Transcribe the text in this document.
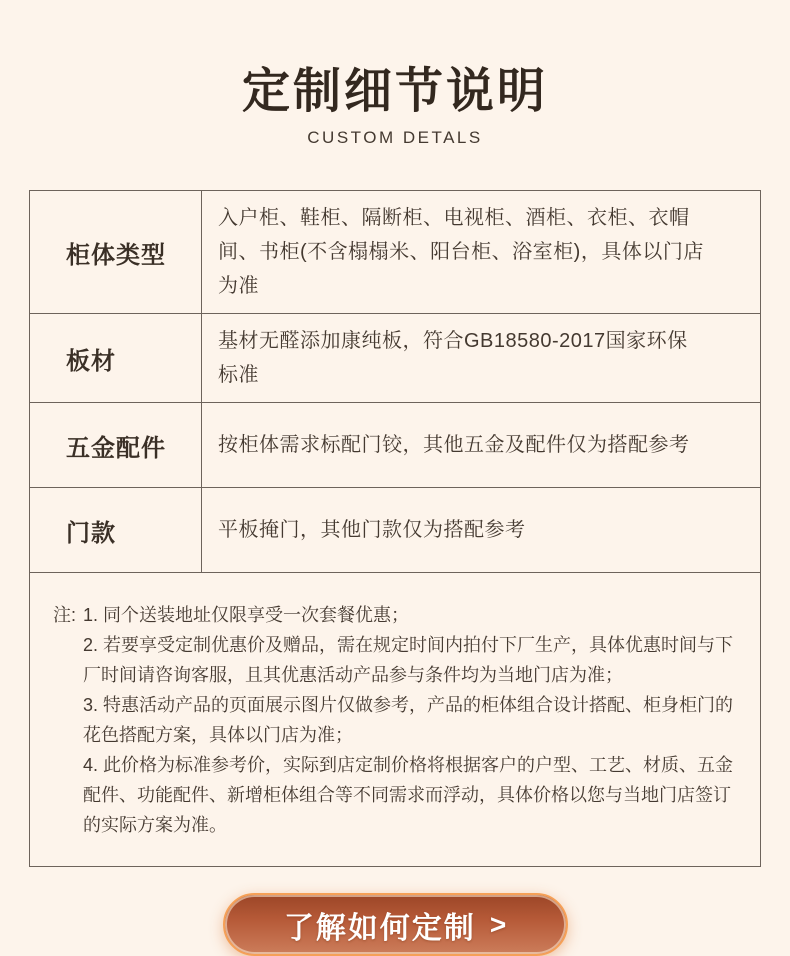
定制细节说明
CUSTOM DETALS
柜体类型
入户柜、鞋柜、隔断柜、电视柜、酒柜、衣柜、衣帽间、书柜(不含榻榻米、阳台柜、浴室柜)，具体以门店为准
板材
基材无醛添加康纯板，符合GB18580-2017国家环保标准
五金配件	按柜体需求标配门铰，其他五金及配件仅为搭配参考
门款	平板掩门，其他门款仅为搭配参考
注: 1. 同个送装地址仅限享受一次套餐优惠；

2. 若要享受定制优惠价及赠品，需在规定时间内拍付下厂生产，具体优惠时间与下厂时间请咨询客服，且其优惠活动产品参与条件均为当地门店为准；

3. 特惠活动产品的页面展示图片仅做参考，产品的柜体组合设计搭配、柜身柜门的花色搭配方案，具体以门店为准；

4. 此价格为标准参考价，实际到店定制价格将根据客户的户型、工艺、材质、五金配件、功能配件、新增柜体组合等不同需求而浮动，具体价格以您与当地门店签订的实际方案为准。

了解如何定制 >
